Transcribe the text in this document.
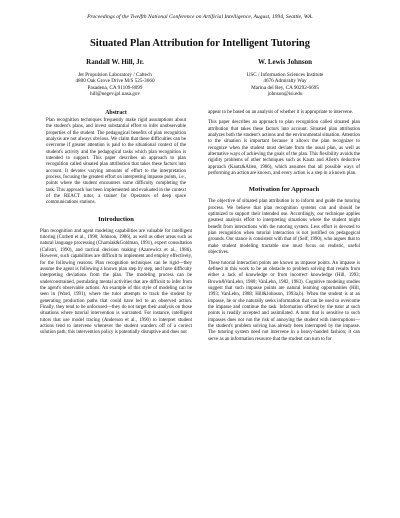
Proceedings of the Twelfth National Conference on Artificial Intelligence, August, 1994, Seattle, WA.
Situated Plan Attribution for Intelligent Tutoring
Randall W. Hill, Jr.
Jet Propulsion Laboratory / Caltech
4800 Oak Grove Drive M/S 525-3660
Pasadena, CA 91109-8099
hill@negev.jpl.nasa.gov
W. Lewis Johnson
USC / Information Sciences Institute
4676 Admiralty Way
Marina del Rey, CA 90292-6695
johnson@isi.edu
Abstract

Plan recognition techniques frequently make rigid assumptions about the student's plans, and invest substantial effort to infer unobservable properties of the student. The pedagogical benefits of plan recognition analysis are not always obvious. We claim that these difficulties can be overcome if greater attention is paid to the situational context of the student's activity and the pedagogical tasks which plan recognition is intended to support. This paper describes an approach to plan recognition called situated plan attribution that takes these factors into account. It devotes varying amounts of effort to the interpretation process, focusing the greatest effort on interpreting impasse points, i.e., points where the student encounters some difficulty completing the task. This approach has been implemented and evaluated in the context of the REACT tutor, a trainer for Operators of deep space communications stations.

Introduction

Plan recognition and agent modeling capabilities are valuable for intelligent tutoring (Corbett et al., 1990; Johnson, 1986), as well as other areas such as natural language processing (Charniak&Goldman, 1991), expert consultation (Calistri, 1990), and tactical decision making (Azarewicz et al., 1986). However, such capabilities are difficult to implement and employ effectively, for the following reasons. Plan recognition techniques can be rigid—they assume the agent is following a known plan step by step, and have difficulty interpreting deviations from the plan. The modeling process can be underconstrained, postulating mental activities that are difficult to infer from the agent's observable actions. An example of this style of modeling can be seen in (Ward, 1991), where the tutor attempts to track the student by generating production paths that could have led to an observed action. Finally, they tend to be unfocused—they do not target their analysis on those situations where tutorial intervention is warranted. For instance, intelligent tutors that use model tracing (Anderson et al., 1990) to interpret student actions tend to intervene whenever the student wanders off of a correct solution path; this intervention policy is potentially disruptive and does not

appear to be based on an analysis of whether it is appropriate to intervene.

This paper describes an approach to plan recognition called situated plan attribution that takes these factors into account. Situated plan attribution analyzes both the student's actions and the environmental situation. Attention to the situation is important because it allows the plan recognizer to recognize when the student must deviate from the usual plan, as well as alternative ways of achieving the goals of the plan. This flexibility avoids the rigidity problems of other techniques such as Kautz and Allen's deductive approach (Kautz&Allen, 1986), which assumes that all possible ways of performing an action are known, and every action is a step in a known plan.

Motivation for Approach

The objective of situated plan attribution is to inform and guide the tutoring process. We believe that plan recognition systems can and should be optimized to support their intended use. Accordingly, our technique applies greatest analysis effort to interpreting situations where the student might benefit from interactions with the tutoring system. Less effort is devoted to plan recognition when tutorial interaction is not justified on pedagogical grounds. Our stance is consistent with that of (Self, 1990), who argues that to make student modeling tractable one must focus on realistic, useful objectives.

These tutorial interaction points are known as impasse points. An impasse is defined in this work to be an obstacle to problem solving that results from either a lack of knowledge or from incorrect knowledge (Hill, 1993; Brown&VanLehn, 1980; VanLehn, 1982, 1983). Cognitive modeling studies suggest that such impasse points are natural learning opportunities (Hill, 1993; VanLehn, 1988; Hill&Johnson, 1993a,b). When the student is at an impasse, he or she naturally seeks information that can be used to overcome the impasse and continue the task. Information offered by the tutor at such points is readily accepted and assimilated. A tutor that is sensitive to such impasses does not run the risk of annoying the student with interruptions—the student's problem solving has already been interrupted by the impasse. The tutoring system need not intervene in a heavy-handed fashion; it can serve as an information resource that the student can turn to for
